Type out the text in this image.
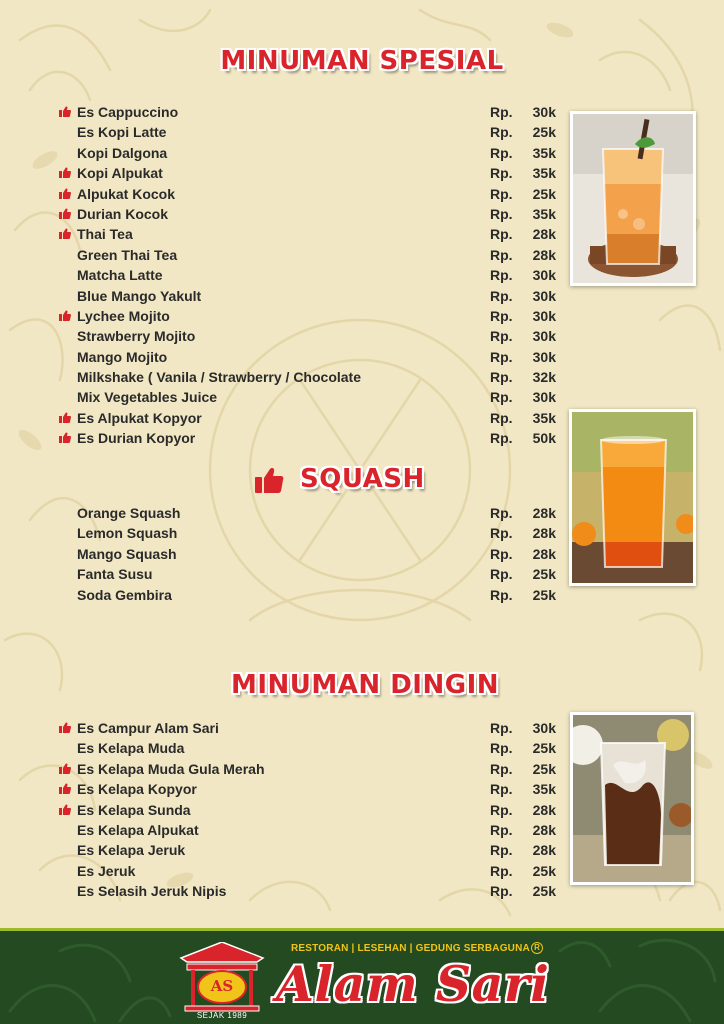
MINUMAN SPESIAL
Es Cappuccino	Rp. 30k
Es Kopi Latte	Rp. 25k
Kopi Dalgona	Rp. 35k
Kopi Alpukat	Rp. 35k
Alpukat Kocok	Rp. 25k
Durian Kocok	Rp. 35k
Thai Tea	Rp. 28k
Green Thai Tea	Rp. 28k
Matcha Latte	Rp. 30k
Blue Mango Yakult	Rp. 30k
Lychee Mojito	Rp. 30k
Strawberry Mojito	Rp. 30k
Mango Mojito	Rp. 30k
Milkshake ( Vanila / Strawberry / Chocolate	Rp. 32k
Mix Vegetables Juice	Rp. 30k
Es Alpukat Kopyor	Rp. 35k
Es Durian Kopyor	Rp. 50k
SQUASH
Orange Squash	Rp. 28k
Lemon Squash	Rp. 28k
Mango Squash	Rp. 28k
Fanta Susu	Rp. 25k
Soda Gembira	Rp. 25k
MINUMAN DINGIN
Es Campur Alam Sari	Rp. 30k
Es Kelapa Muda	Rp. 25k
Es Kelapa Muda Gula Merah	Rp. 25k
Es Kelapa Kopyor	Rp. 35k
Es Kelapa Sunda	Rp. 28k
Es Kelapa Alpukat	Rp. 28k
Es Kelapa Jeruk	Rp. 28k
Es Jeruk	Rp. 25k
Es Selasih Jeruk Nipis	Rp. 25k
AS
SEJAK 1989
RESTORAN | LESEHAN | GEDUNG SERBAGUNA R
Alam Sari
